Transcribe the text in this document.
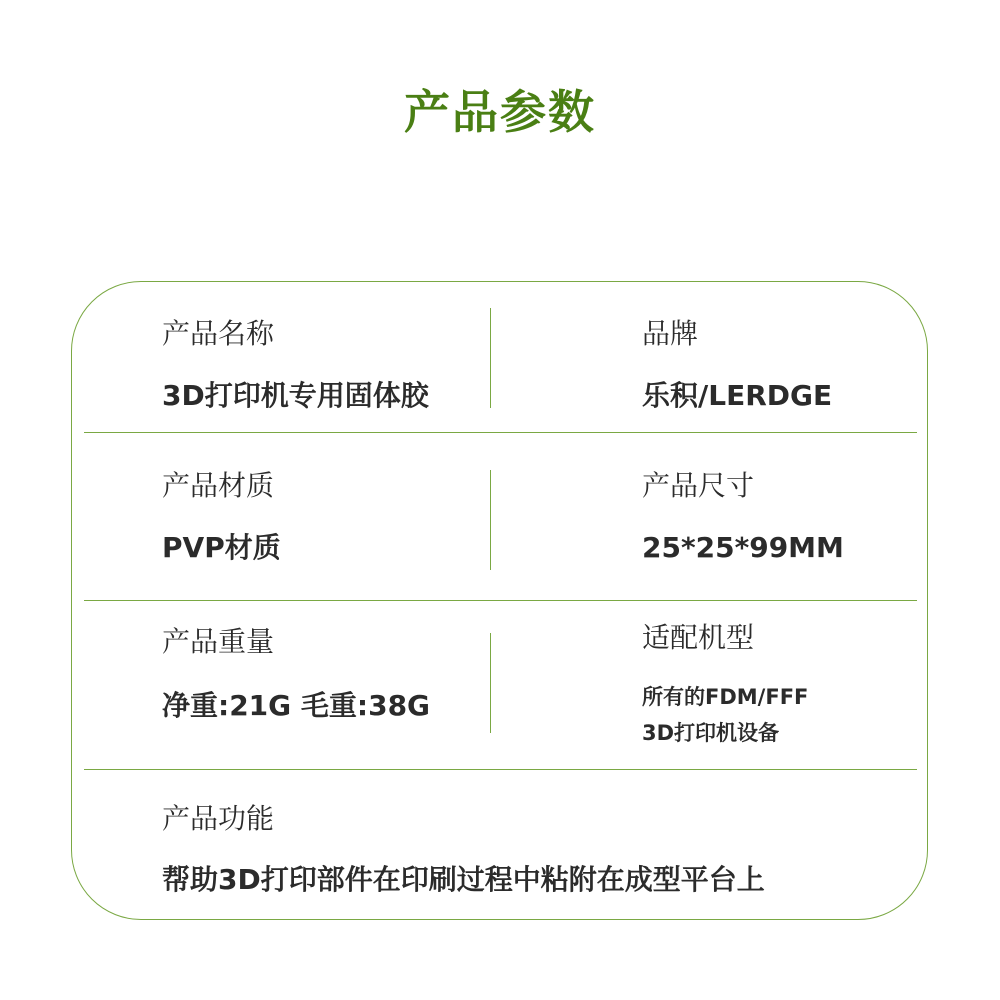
产品参数
产品名称
3D打印机专用固体胶
品牌
乐积/LERDGE
产品材质
PVP材质
产品尺寸
25*25*99MM
产品重量
净重:21G 毛重:38G
适配机型
所有的FDM/FFF
3D打印机设备
产品功能
帮助3D打印部件在印刷过程中粘附在成型平台上
